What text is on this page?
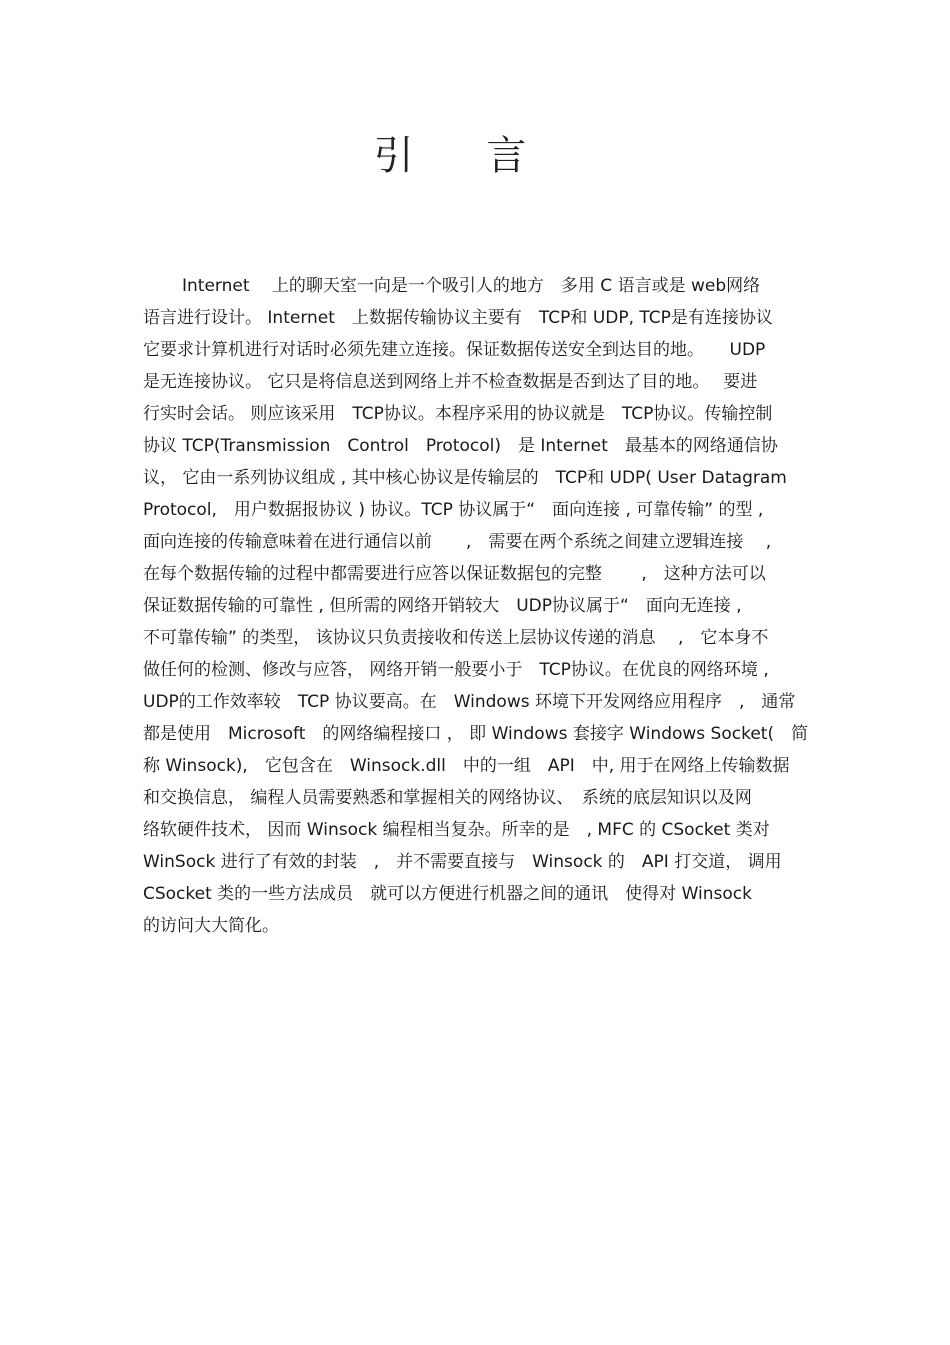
引 言
Internet　 上的聊天室一向是一个吸引人的地方　多用 C 语言或是 web网络
语言进行设计。 Internet　上数据传输协议主要有　TCP和 UDP, TCP是有连接协议
它要求计算机进行对话时必须先建立连接。保证数据传送安全到达目的地。　　UDP
是无连接协议。 它只是将信息送到网络上并不检查数据是否到达了目的地。　 要进
行实时会话。 则应该采用　TCP协议。本程序采用的协议就是　TCP协议。传输控制
协议 TCP(Transmission　Control　Protocol)　是 Internet　最基本的网络通信协
议， 它由一系列协议组成 , 其中核心协议是传输层的　TCP和 UDP( User Datagram
Protocol,　用户数据报协议 ) 协议。TCP 协议属于“　面向连接 , 可靠传输” 的型 ,
面向连接的传输意味着在进行通信以前　　,　需要在两个系统之间建立逻辑连接　 ,
在每个数据传输的过程中都需要进行应答以保证数据包的完整　　 ,　这种方法可以
保证数据传输的可靠性 , 但所需的网络开销较大　UDP协议属于“　面向无连接 ,
不可靠传输” 的类型， 该协议只负责接收和传送上层协议传递的消息　 ,　它本身不
做任何的检测、修改与应答， 网络开销一般要小于　TCP协议。在优良的网络环境 ,
UDP的工作效率较　TCP 协议要高。在　Windows 环境下开发网络应用程序　,　通常
都是使用　Microsoft　的网络编程接口 ， 即 Windows 套接字 Windows Socket(　简
称 Winsock),　它包含在　Winsock.dll　中的一组　API　中, 用于在网络上传输数据
和交换信息， 编程人员需要熟悉和掌握相关的网络协议、　系统的底层知识以及网
络软硬件技术， 因而 Winsock 编程相当复杂。所幸的是　, MFC 的 CSocket 类对
WinSock 进行了有效的封装　,　并不需要直接与　Winsock 的　API 打交道， 调用
CSocket 类的一些方法成员　就可以方便进行机器之间的通讯　使得对 Winsock
的访问大大简化。
